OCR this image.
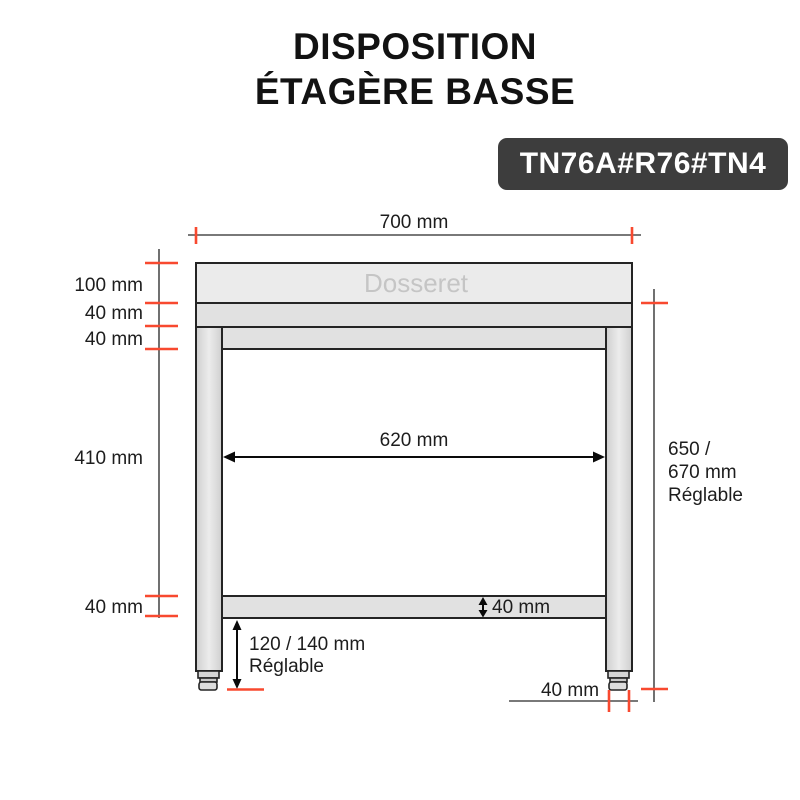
DISPOSITION
ÉTAGÈRE BASSE
TN76A#R76#TN4
700 mm
100 mm
40 mm
40 mm
410 mm
40 mm
650 /
670 mm
Réglable
Dosseret
620 mm
40 mm
120 / 140 mm
Réglable
40 mm
